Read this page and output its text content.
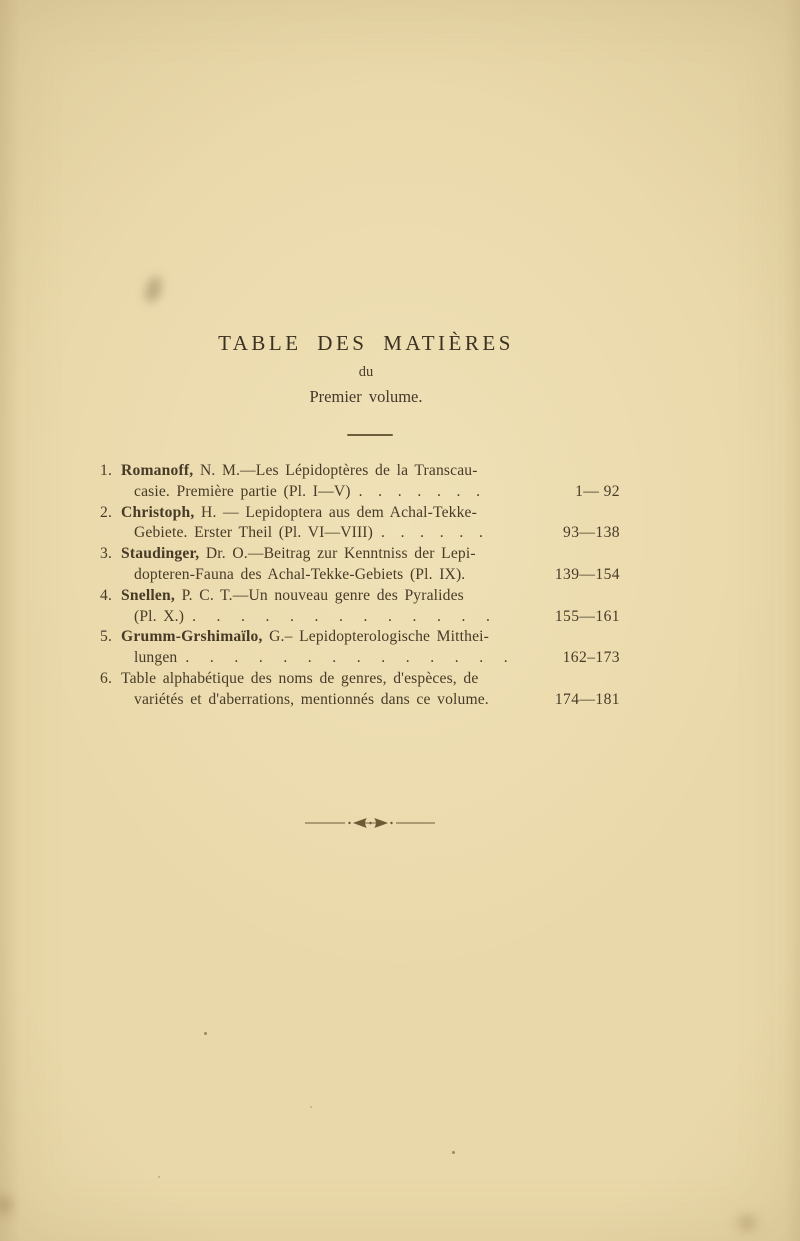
TABLE DES MATIÈRES
du
Premier volume.
1. Romanoff, N. M.—Les Lépidoptères de la Transcau-
casie. Première partie (Pl. I—V) .   .   .   .   .   .   .	1— 92
2. Christoph, H. — Lepidoptera aus dem Achal-Tekke-
Gebiete. Erster Theil (Pl. VI—VIII) .   .   .   .   .   .	93—138
3. Staudinger, Dr. O.—Beitrag zur Kenntniss der Lepi-
dopteren-Fauna des Achal-Tekke-Gebiets (Pl. IX).	139—154
4. Snellen, P. C. T.—Un nouveau genre des Pyralides
(Pl. X.) .    .    .    .    .    .    .    .    .    .    .    .    .	155—161
5. Grumm-Grshimaïlo, G.– Lepidopterologische Mitthei-
lungen .    .    .    .    .    .    .    .    .    .    .    .    .    .	162–173
6. Table alphabétique des noms de genres, d'espèces, de
variétés et d'aberrations, mentionnés dans ce volume.	174—181
